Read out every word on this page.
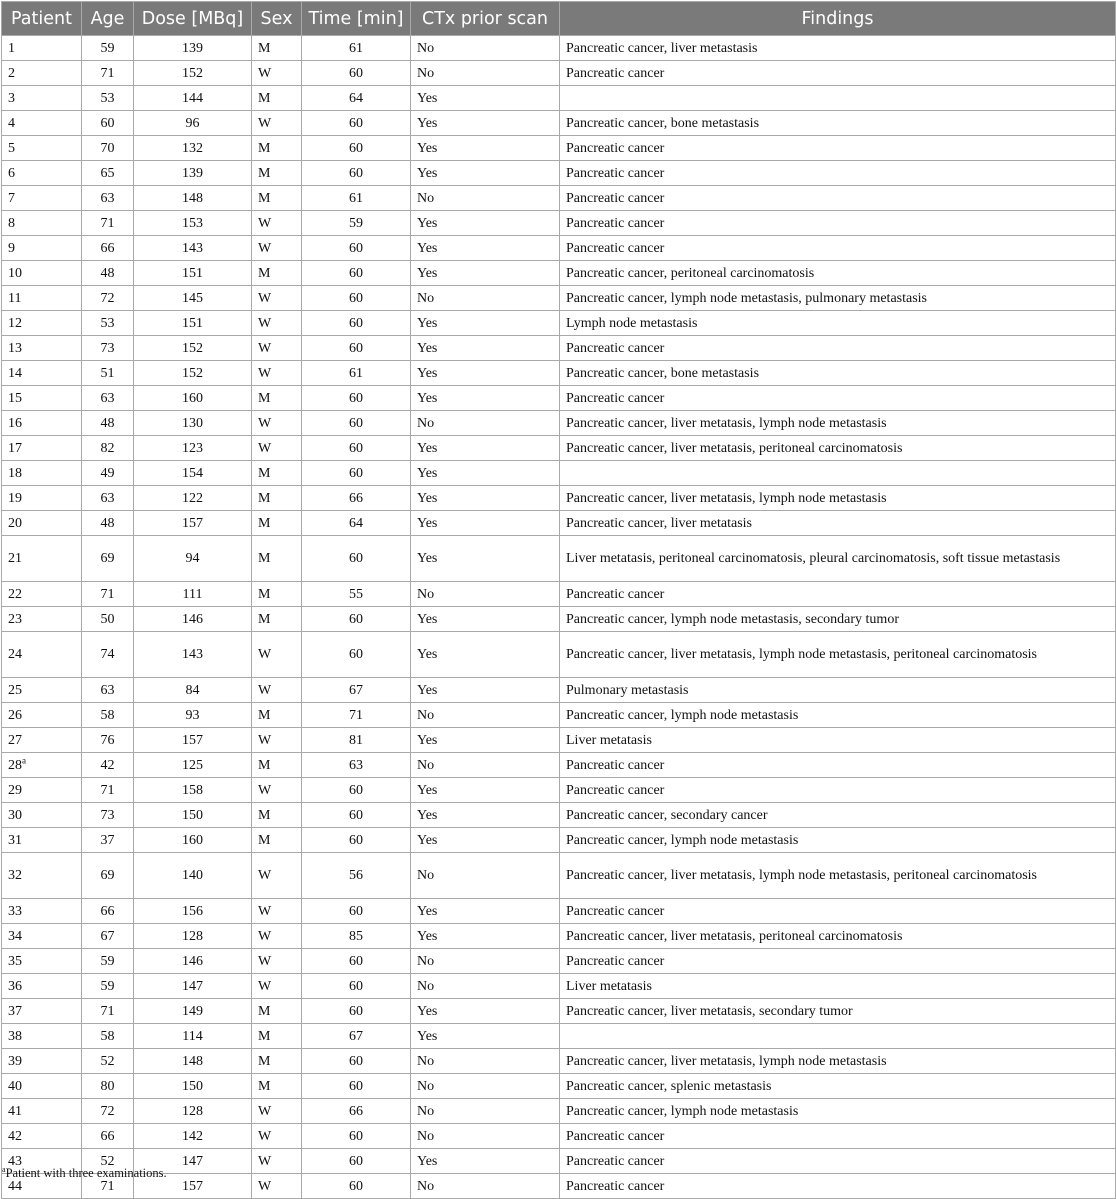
Patient	Age	Dose [MBq]	Sex	Time [min]	CTx prior scan	Findings
1	59	139	M	61	No	Pancreatic cancer, liver metastasis
2	71	152	W	60	No	Pancreatic cancer
3	53	144	M	64	Yes	
4	60	96	W	60	Yes	Pancreatic cancer, bone metastasis
5	70	132	M	60	Yes	Pancreatic cancer
6	65	139	M	60	Yes	Pancreatic cancer
7	63	148	M	61	No	Pancreatic cancer
8	71	153	W	59	Yes	Pancreatic cancer
9	66	143	W	60	Yes	Pancreatic cancer
10	48	151	M	60	Yes	Pancreatic cancer, peritoneal carcinomatosis
11	72	145	W	60	No	Pancreatic cancer, lymph node metastasis, pulmonary metastasis
12	53	151	W	60	Yes	Lymph node metastasis
13	73	152	W	60	Yes	Pancreatic cancer
14	51	152	W	61	Yes	Pancreatic cancer, bone metastasis
15	63	160	M	60	Yes	Pancreatic cancer
16	48	130	W	60	No	Pancreatic cancer, liver metatasis, lymph node metastasis
17	82	123	W	60	Yes	Pancreatic cancer, liver metatasis, peritoneal carcinomatosis
18	49	154	M	60	Yes	
19	63	122	M	66	Yes	Pancreatic cancer, liver metatasis, lymph node metastasis
20	48	157	M	64	Yes	Pancreatic cancer, liver metatasis
21	69	94	M	60	Yes	Liver metatasis, peritoneal carcinomatosis, pleural carcinomatosis, soft tissue metastasis
22	71	111	M	55	No	Pancreatic cancer
23	50	146	M	60	Yes	Pancreatic cancer, lymph node metastasis, secondary tumor
24	74	143	W	60	Yes	Pancreatic cancer, liver metatasis, lymph node metastasis, peritoneal carcinomatosis
25	63	84	W	67	Yes	Pulmonary metastasis
26	58	93	M	71	No	Pancreatic cancer, lymph node metastasis
27	76	157	W	81	Yes	Liver metatasis
28$^a$	42	125	M	63	No	Pancreatic cancer
29	71	158	W	60	Yes	Pancreatic cancer
30	73	150	M	60	Yes	Pancreatic cancer, secondary cancer
31	37	160	M	60	Yes	Pancreatic cancer, lymph node metastasis
32	69	140	W	56	No	Pancreatic cancer, liver metatasis, lymph node metastasis, peritoneal carcinomatosis
33	66	156	W	60	Yes	Pancreatic cancer
34	67	128	W	85	Yes	Pancreatic cancer, liver metatasis, peritoneal carcinomatosis
35	59	146	W	60	No	Pancreatic cancer
36	59	147	W	60	No	Liver metatasis
37	71	149	M	60	Yes	Pancreatic cancer, liver metatasis, secondary tumor
38	58	114	M	67	Yes	
39	52	148	M	60	No	Pancreatic cancer, liver metatasis, lymph node metastasis
40	80	150	M	60	No	Pancreatic cancer, splenic metastasis
41	72	128	W	66	No	Pancreatic cancer, lymph node metastasis
42	66	142	W	60	No	Pancreatic cancer
43	52	147	W	60	Yes	Pancreatic cancer
44	71	157	W	60	No	Pancreatic cancer
$^a$Patient with three examinations.
